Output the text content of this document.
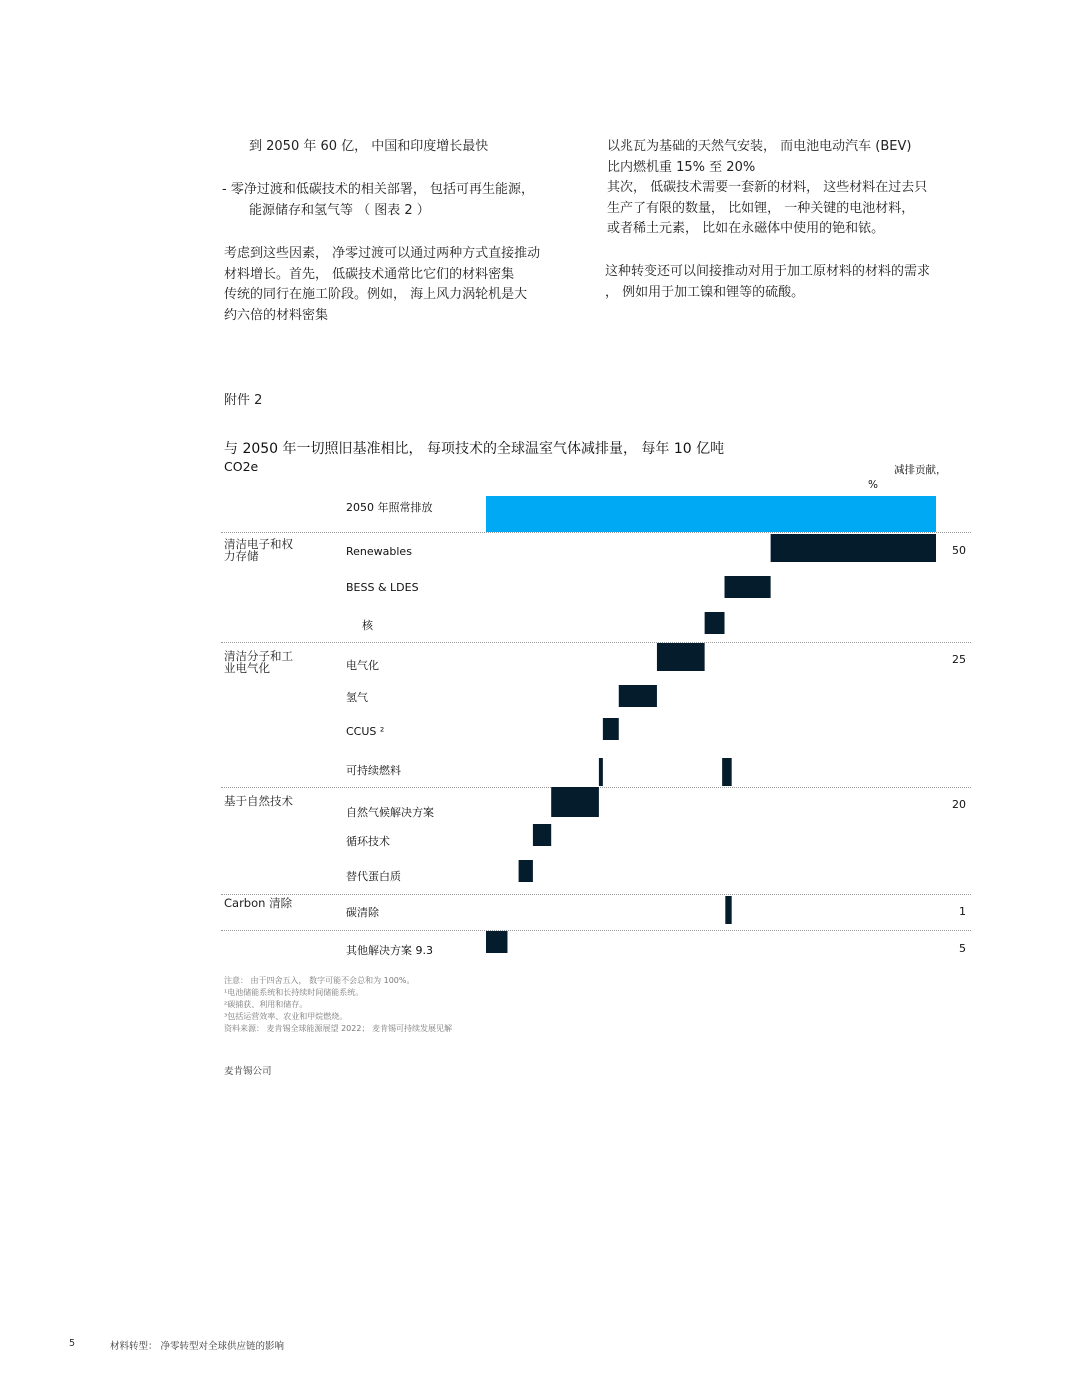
到 2050 年 60 亿， 中国和印度增长最快
- 零净过渡和低碳技术的相关部署， 包括可再生能源，
能源储存和氢气等 （ 图表 2 ）

考虑到这些因素， 净零过渡可以通过两种方式直接推动

材料增长。首先， 低碳技术通常比它们的材料密集

传统的同行在施工阶段。例如， 海上风力涡轮机是大

约六倍的材料密集

以兆瓦为基础的天然气安装， 而电池电动汽车 (BEV)

比内燃机重 15% 至 20%

其次， 低碳技术需要一套新的材料， 这些材料在过去只

生产了有限的数量， 比如锂， 一种关键的电池材料，

或者稀土元素， 比如在永磁体中使用的铯和铱。

这种转变还可以间接推动对用于加工原材料的材料的需求

， 例如用于加工镍和锂等的硫酸。

附件 2
与 2050 年一切照旧基准相比， 每项技术的全球温室气体减排量， 每年 10 亿吨
CO2e	减排贡献，
%
清洁电子和权力存储
清洁分子和工业电气化
基于自然技术
Carbon 清除
50
25
20
1
5
2050 年照常排放
Renewables
BESS & LDES
核
电气化
氢气
CCUS ²
可持续燃料
自然气候解决方案
循环技术
替代蛋白质
碳清除
其他解决方案 9.3
注意： 由于四舍五入， 数字可能不会总和为 100%。
¹电池储能系统和长持续时间储能系统。
²碳捕获、利用和储存。
³包括运营效率、农业和甲烷燃烧。
资料来源： 麦肯锡全球能源展望 2022； 麦肯锡可持续发展见解
麦肯锡公司
5	材料转型： 净零转型对全球供应链的影响
